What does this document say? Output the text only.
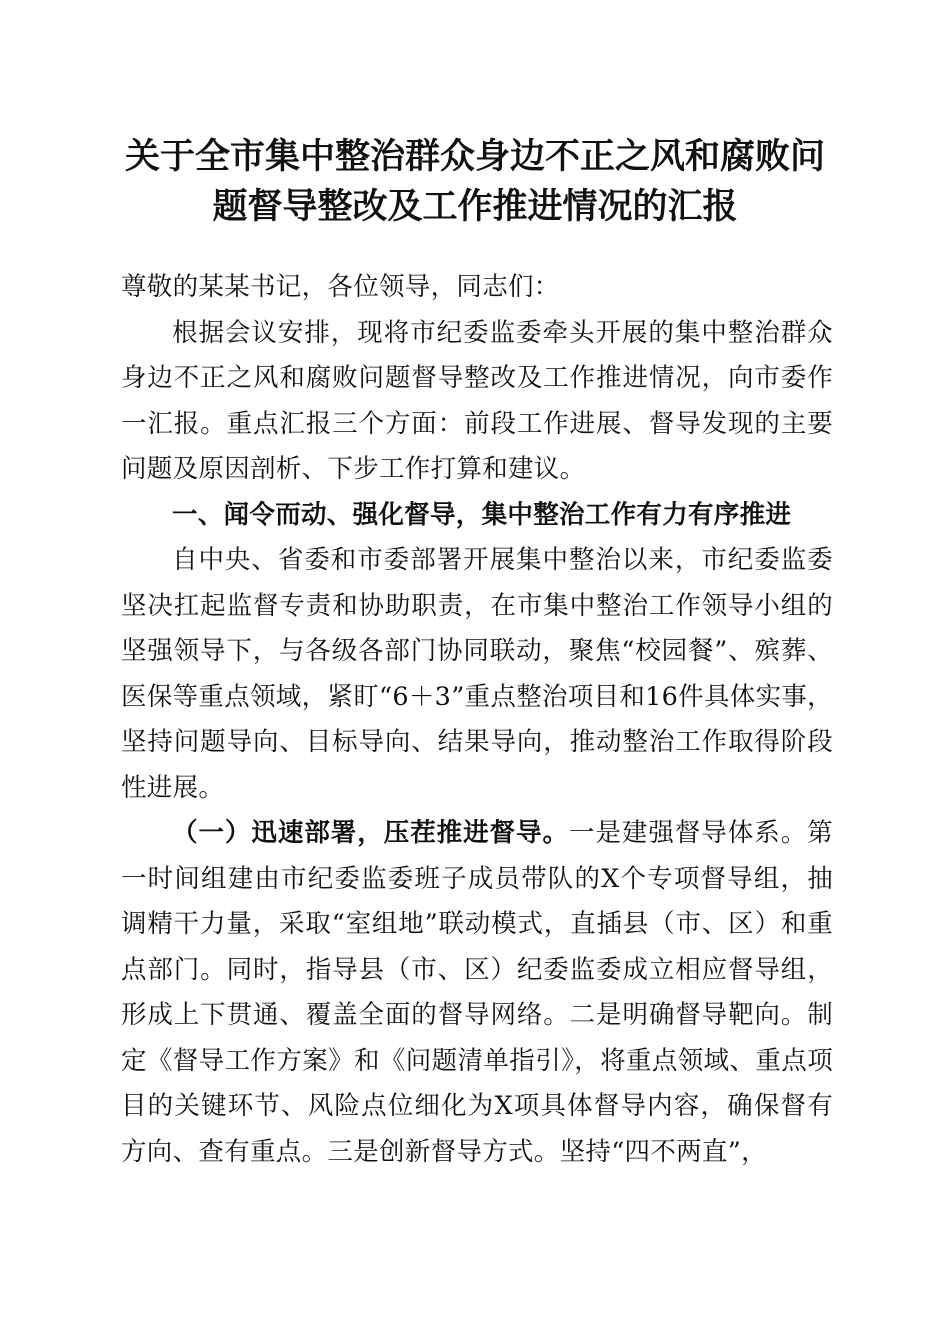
关于全市集中整治群众身边不正之风和腐败问
题督导整改及工作推进情况的汇报

尊敬的某某书记，各位领导，同志们：

根据会议安排，现将市纪委监委牵头开展的集中整治群众身边不正之风和腐败问题督导整改及工作推进情况，向市委作一汇报。重点汇报三个方面：前段工作进展、督导发现的主要问题及原因剖析、下步工作打算和建议。

一、闻令而动、强化督导，集中整治工作有力有序推进

自中央、省委和市委部署开展集中整治以来，市纪委监委坚决扛起监督专责和协助职责，在市集中整治工作领导小组的坚强领导下，与各级各部门协同联动，聚焦“校园餐”、殡葬、医保等重点领域，紧盯“6＋3”重点整治项目和16件具体实事，坚持问题导向、目标导向、结果导向，推动整治工作取得阶段性进展。

（一）迅速部署，压茬推进督导。一是建强督导体系。第一时间组建由市纪委监委班子成员带队的X个专项督导组，抽调精干力量，采取“室组地”联动模式，直插县（市、区）和重点部门。同时，指导县（市、区）纪委监委成立相应督导组，形成上下贯通、覆盖全面的督导网络。二是明确督导靶向。制定《督导工作方案》和《问题清单指引》，将重点领域、重点项目的关键环节、风险点位细化为X项具体督导内容，确保督有方向、查有重点。三是创新督导方式。坚持“四不两直”，
